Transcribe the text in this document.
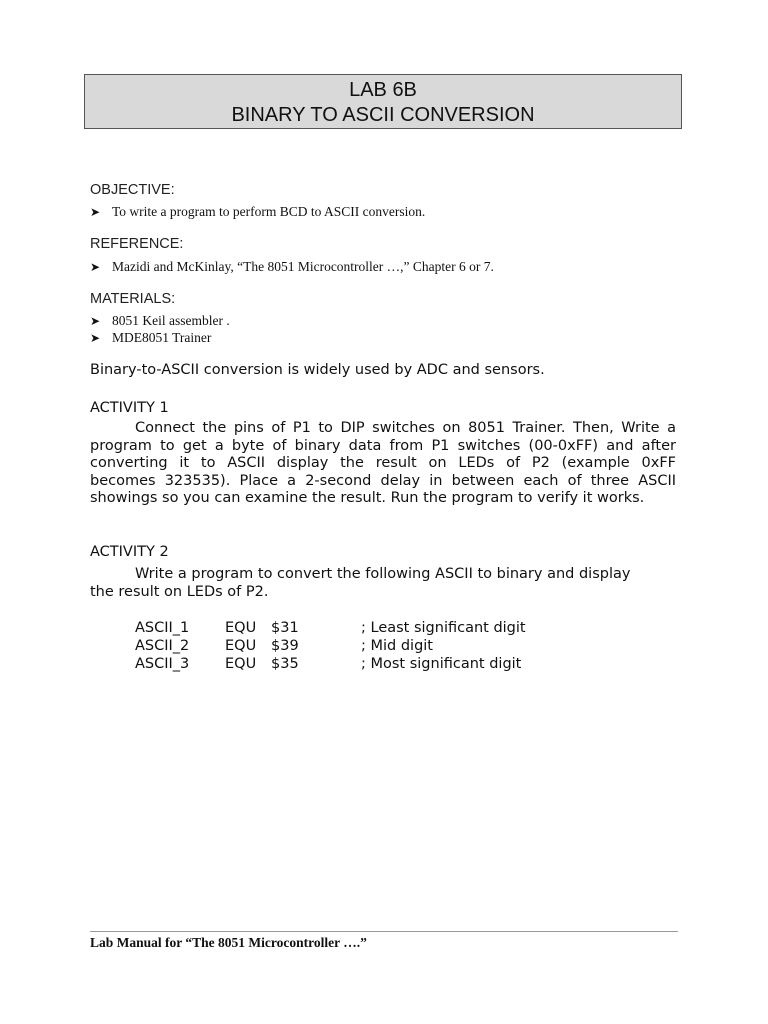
LAB 6B
BINARY TO ASCII CONVERSION
OBJECTIVE:
➤ To write a program to perform BCD to ASCII conversion.
REFERENCE:
➤ Mazidi and McKinlay, “The 8051 Microcontroller …,” Chapter 6 or 7.
MATERIALS:
➤ 8051 Keil assembler .
➤ MDE8051 Trainer
Binary-to-ASCII conversion is widely used by ADC and sensors.
ACTIVITY 1
Connect the pins of P1 to DIP switches on 8051 Trainer. Then, Write a
program to get a byte of binary data from P1 switches (00-0xFF) and after
converting it to ASCII display the result on LEDs of P2 (example 0xFF
becomes 323535). Place a 2-second delay in between each of three ASCII
showings so you can examine the result. Run the program to verify it works.
ACTIVITY 2
Write a program to convert the following ASCII to binary and display
the result on LEDs of P2.
ASCII_1 EQU $31	; Least significant digit
ASCII_2 EQU $39	; Mid digit
ASCII_3 EQU $35	; Most significant digit
Lab Manual for “The 8051 Microcontroller ….”
